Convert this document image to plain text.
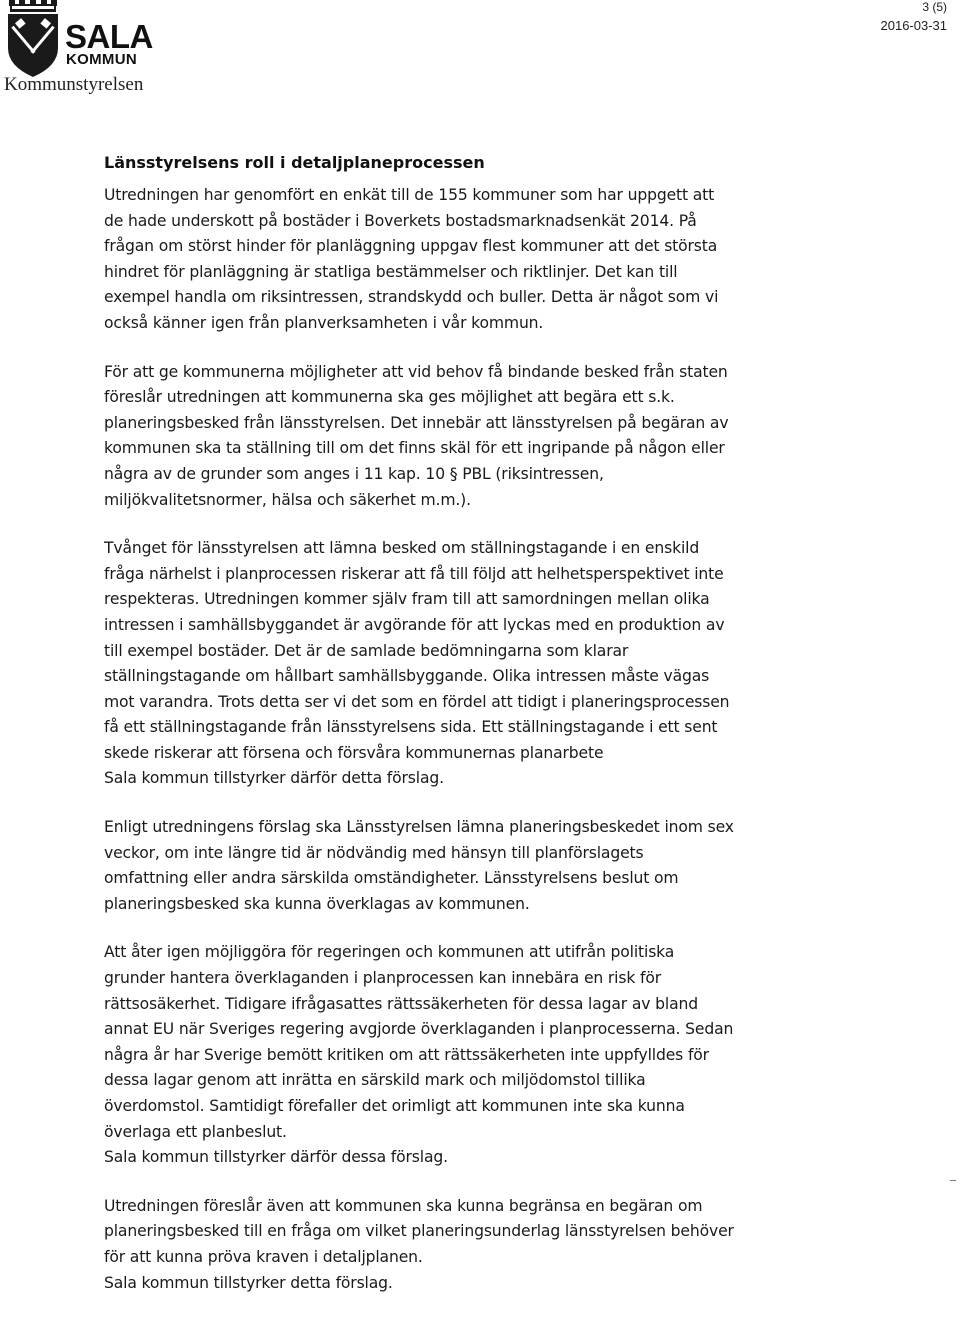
SALA
KOMMUN
3 (5)
2016-03-31
Kommunstyrelsen
Länsstyrelsens roll i detaljplaneprocessen

Utredningen har genomfört en enkät till de 155 kommuner som har uppgett att
de hade underskott på bostäder i Boverkets bostadsmarknadsenkät 2014. På
frågan om störst hinder för planläggning uppgav flest kommuner att det största
hindret för planläggning är statliga bestämmelser och riktlinjer. Det kan till
exempel handla om riksintressen, strandskydd och buller. Detta är något som vi
också känner igen från planverksamheten i vår kommun.

För att ge kommunerna möjligheter att vid behov få bindande besked från staten
föreslår utredningen att kommunerna ska ges möjlighet att begära ett s.k.
planeringsbesked från länsstyrelsen. Det innebär att länsstyrelsen på begäran av
kommunen ska ta ställning till om det finns skäl för ett ingripande på någon eller
några av de grunder som anges i 11 kap. 10 § PBL (riksintressen,
miljökvalitetsnormer, hälsa och säkerhet m.m.).

Tvånget för länsstyrelsen att lämna besked om ställningstagande i en enskild
fråga närhelst i planprocessen riskerar att få till följd att helhetsperspektivet inte
respekteras. Utredningen kommer själv fram till att samordningen mellan olika
intressen i samhällsbyggandet är avgörande för att lyckas med en produktion av
till exempel bostäder. Det är de samlade bedömningarna som klarar
ställningstagande om hållbart samhällsbyggande. Olika intressen måste vägas
mot varandra. Trots detta ser vi det som en fördel att tidigt i planeringsprocessen
få ett ställningstagande från länsstyrelsens sida. Ett ställningstagande i ett sent
skede riskerar att försena och försvåra kommunernas planarbete
Sala kommun tillstyrker därför detta förslag.

Enligt utredningens förslag ska Länsstyrelsen lämna planeringsbeskedet inom sex
veckor, om inte längre tid är nödvändig med hänsyn till planförslagets
omfattning eller andra särskilda omständigheter. Länsstyrelsens beslut om
planeringsbesked ska kunna överklagas av kommunen.

Att åter igen möjliggöra för regeringen och kommunen att utifrån politiska
grunder hantera överklaganden i planprocessen kan innebära en risk för
rättsosäkerhet. Tidigare ifrågasattes rättssäkerheten för dessa lagar av bland
annat EU när Sveriges regering avgjorde överklaganden i planprocesserna. Sedan
några år har Sverige bemött kritiken om att rättssäkerheten inte uppfylldes för
dessa lagar genom att inrätta en särskild mark och miljödomstol tillika
överdomstol. Samtidigt förefaller det orimligt att kommunen inte ska kunna
överlaga ett planbeslut.
Sala kommun tillstyrker därför dessa förslag.

Utredningen föreslår även att kommunen ska kunna begränsa en begäran om
planeringsbesked till en fråga om vilket planeringsunderlag länsstyrelsen behöver
för att kunna pröva kraven i detaljplanen.
Sala kommun tillstyrker detta förslag.
